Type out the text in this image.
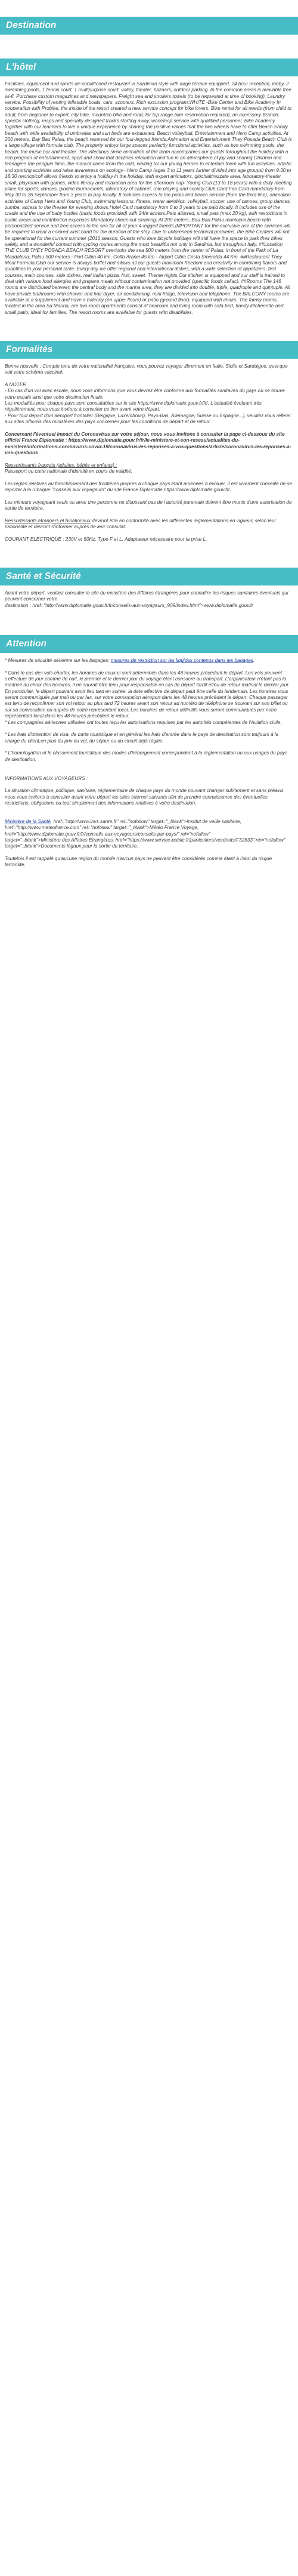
Destination
L'hôtel

Facilities, equipment and sports air-conditioned restaurant in Sardinian style with large terrace equipped, 24 hour reception, lobby, 2 swimming pools, 1 tennis court, 1 multipurpose court, volley, theater, bazaars, outdoor parking. In the common areas is available free wi-fi. Purchase custom magazines and newspapers. Freight sea and strollers towels (to be requested at time of booking). Laundry service. Possibility of renting inflatable boats, cars, scooters. Rich excursion program.WHITE -Bike Center and Bike Academy In cooperation with Probike, the inside of the resort created a new service concept for bike lovers. Bike rental for all needs (from child to adult, from beginner to expert, city bike, mountain bike and road, for top range bike reservation required), an accessory Branch, specific clothing, maps and specially designed tracks starting away, workshop service with qualified personnel. Bike Academy together with our teachers to live a unique experience by sharing the positive values that the two wheels have to offer.Beach Sandy beach with wide availability of umbrellas and sun beds are exhausted. Beach volleyball, Entertainment and Hero Camp activities. At 200 meters, Bay Bau Palau, the beach reserved for our four-legged friends.Animation and Entertainment They Posada Beach Club is a large village with formula club. The property enjoys large spaces perfectly functional activities, such as two swimming pools, the beach, the music bar and theater. The infectious smile animation of the team accompanies our guests throughout the holiday with a rich program of entertainment, sport and show that declines relaxation and fun in an atmosphere of joy and sharing.Children and teenagers the penguin Nino, the mascot came from the cold, waiting for our young heroes to entertain them with fun activities, artistic and sporting activities and raise awareness on ecology.- Hero Camp (ages 3 to 11 years further divided into age groups) from 9:30 to 18:30 restricpicoli allows friends to enjoy a holiday in the holiday, with expert animators, giochiattrezzate area, laboratory-theater small, playroom with games, video library and relaxation area for the afternoon nap- Young Club (13 to 18 years) with a daily meeting place for sports, dances, giochie tournaments, laboratory of cabaret, role playing and society.Club Card Fee Card mandatory from May 30 to 26 September from 3 years to pay locally. It includes access to the pools and beach service (from the third line), animation activities of Camp Hero and Young Club, swimming lessons, fitness, water aerobics, volleyball, soccer, use of canoes, group dances, zumba, access to the theater for evening shows.Hotel Card mandatory from 0 to 3 years to be paid locally. It includes use of the cradle and the use of baby bottles (basic foods provided) with 24hr access.Pets allowed, small pets (max 20 kg), with restrictions in public areas and contribution expenses Mandatory check-out cleaning: At 200 meters, Bau Bau Palau municipal beach with personalized service and free access to the sea for all of your 4-legged friends.IMPORTANT for the exclusive use of the services will be required to wear a colored wrist band for the duration of the stay. Due to unforeseen technical problems, the Bike Centers will not be operational for the current summer (2016 season. Guests who love bicycle holidays will still have the space to park their bikes safely, and a wonderful contact with cycling routes among the most beautiful not only in Sardinia, but throughout Italy. ##Location THE CLUB THEY POSADA BEACH RESORT overlooks the sea 500 meters from the center of Palau, in front of the Park of La Maddalena; Palau 500 meters - Port Olbia 40 km, Golfo Aranci 45 km - Airport Olbia Costa Smeralda 44 Km. ##Restaurant They Meal Formula Club our service is always buffet and allows all our guests maximum freedom and creativity in combining flavors and quantities to your personal taste. Every day we offer regional and international dishes, with a wide selection of appetizers, first courses, main courses, side dishes, real Italian pizza, fruit, sweet. Theme nights.Our kitchen is equipped and our staff is trained to deal with various food allergies and prepare meals without contamination not provided (specific foods celiac). ##Rooms The 146 rooms are distributed between the central body and the marina area, they are divided into double, triple, quadruple and quintuple. All have private bathrooms with shower and hair dryer, air conditioning, mini fridge, television and telephone. The BALCONY rooms are available at a supplement and have a balcony (on upper floors) or patio (ground floor), equipped with chairs. The family rooms, located in the area Sa Marina, are two-room apartments consist of bedroom and living room with sofa bed, handy kitchenette and small patio, ideal for families. The resort rooms are available for guests with disabilities.

Formalités

Bonne nouvelle : Compte tenu de votre nationalité française, vous pouvez voyager librement en Italie, Sicile et Sardaigne, quel que soit votre schéma vaccinal.

A NOTER
- En cas d'un vol avec escale, nous vous informons que vous devrez être conforme aux formalités sanitaires du pays où se trouve votre escale ainsi que votre destination finale.
Les modalités pour chaque pays sont consultables sur le site https://www.diplomatie.gouv.fr/fr/. L'actualité évoluant très régulièrement, nous vous invitons à consulter ce lien avant votre départ.
- Pour tout départ d'un aéroport frontalier (Belgique, Luxembourg, Pays-Bas, Allemagne, Suisse ou Espagne...), veuillez vous référer aux sites officiels des ministères des pays concernés pour les conditions de départ et de retour.

Concernant l'éventuel impact du Coronavirus sur votre séjour, nous vous invitons à consulter la page ci-dessous du site officiel France Diplomatie : https://www.diplomatie.gouv.fr/fr/le-ministere-et-son-reseau/actualites-du-ministere/informations-coronavirus-covid-19/coronavirus-les-reponses-a-vos-questions/article/coronavirus-les-reponses-a-vos-questions

Ressortissants français (adultes, bébés et enfants) :
Passeport ou carte nationale d'identité en cours de validité.

Les règles relatives au franchissement des frontières propres à chaque pays étant amenées à évoluer, il est vivement conseillé de se reporter à la rubrique "conseils aux voyageurs" du site France Diplomatie,https://www.diplomatie.gouv.fr/.

Les mineurs voyageant seuls ou avec une personne ne disposant pas de l'autorité parentale doivent être munis d'une autorisation de sortie de territoire.

Ressortissants étrangers et binationaux devront être en conformité avec les différentes réglementations en vigueur, selon leur nationalité et devront s'informer auprès de leur consulat.

COURANT ELECTRIQUE : 230V et 50Hz. Type F et L. Adaptateur nécessaire pour la prise L.

Santé et Sécurité

Avant votre départ, veuillez consulter le site du ministère des Affaires étrangères pour connaître les risques sanitaires éventuels qui peuvent concerner votre
destination : href="http://www.diplomatie.gouv.fr/fr/conseils-aux-voyageurs_909/index.html">www.diplomatie.gouv.fr

Attention

* Mesures de sécurité aérienne sur les bagages: mesures de restriction sur les liquides contenus dans les bagages.

* Dans le cas des vols charter, les horaires de ceux-ci sont déterminés dans les 48 heures précédant le départ. Les vols peuvent s'effectuer de jour comme de nuit, le premier et le dernier jour du voyage étant consacré au transport. L'organisateur n'étant pas la maîtrise du choix des horaires, il ne saurait être tenu pour responsable en cas de départ tardif et/ou de retour matinal le dernier jour. En particulier, le départ pouvant avoir lieu tard en soirée, la date effective de départ peut être celle du lendemain. Les horaires vous seront communiqués par mail ou par fax, sur votre convocation aéroport dans les 48 heures précédent le départ. Chaque passager est tenu de reconfirmer son vol retour au plus tard 72 heures avant son retour au numéro de téléphone se trouvant sur son billet ou sur sa convocation ou auprès de notre représentant local. Les horaires de retour définitifs vous seront communiqués par notre représentant local dans les 48 heures précédent le retour.
* Les compagnies aériennes utilisées ont toutes reçu les autorisations requises par les autorités compétentes de l'Aviation civile.

* Les frais d'obtention de visa, de carte touristique et en général les frais d'entrée dans le pays de destination sont toujours à la charge du client,en plus du prix du vol, du séjour ou du circuit déjà réglés.

* L'homologation et le classement touristique des modes d'hébergement correspondent à la réglementation ou aux usages du pays de destination.

INFORMATIONS AUX VOYAGEURS :

La situation climatique, politique, sanitaire, réglementaire de chaque pays du monde pouvant changer subitement et sans préavis
nous vous invitons à consulter avant votre départ les sites Internet suivants afin de prendre connaissance des éventuelles restrictions, obligations ou tout simplement des informations relatives à votre destination.

Ministère de la Santé, href="http://www.invs.sante.fr" rel="nofollow" target="_blank">Institut de veille sanitaire,
href="http://www.meteofrance.com" rel="nofollow" target="_blank">Météo France Voyage, href="http://www.diplomatie.gouv.fr/fr/conseils-aux-voyageurs/conseils-par-pays/" rel="nofollow"
target="_blank">Ministère des Affaires Étrangères, href="https://www.service-public.fr/particuliers/vosdroits/F32833" rel="nofollow"
target="_blank">Documents légaux pour la sortie du territoire.

Toutefois il est rappelé qu'aucune région du monde n'aucun pays ne peuvent être considérés comme étant à l'abri du risque terroriste.
